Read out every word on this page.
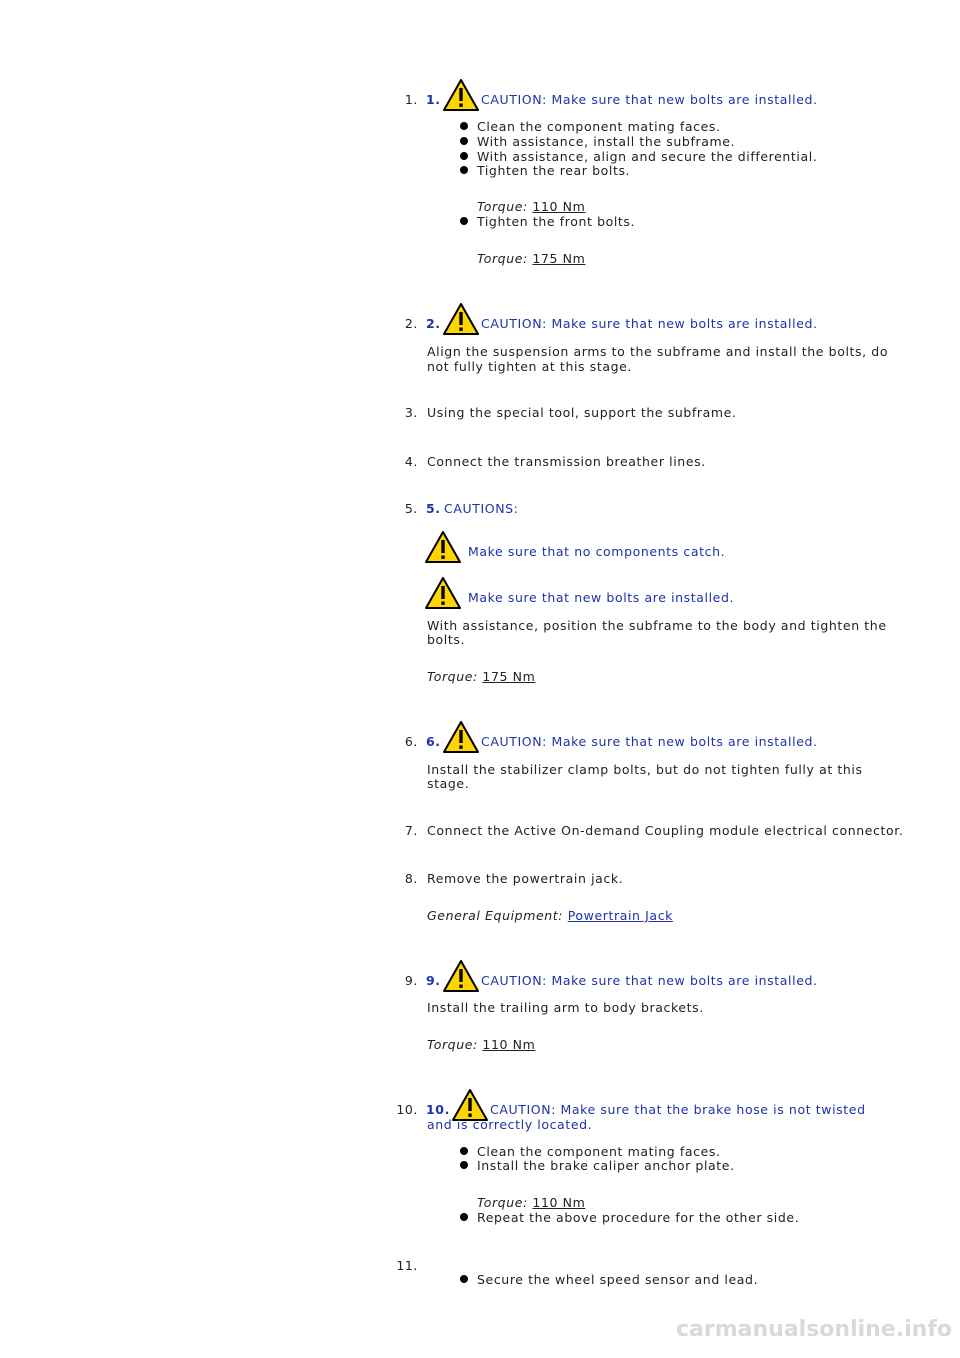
1. 1.	CAUTION: Make sure that new bolts are installed.
Clean the component mating faces.
With assistance, install the subframe.
With assistance, align and secure the differential.
Tighten the rear bolts.
Torque: 110 Nm
Tighten the front bolts.
Torque: 175 Nm
2. 2.	CAUTION: Make sure that new bolts are installed.
Align the suspension arms to the subframe and install the bolts, do
not fully tighten at this stage.
3. Using the special tool, support the subframe.
4. Connect the transmission breather lines.
5. 5. CAUTIONS:
Make sure that no components catch.
Make sure that new bolts are installed.
With assistance, position the subframe to the body and tighten the
bolts.
Torque: 175 Nm
6. 6.	CAUTION: Make sure that new bolts are installed.
Install the stabilizer clamp bolts, but do not tighten fully at this
stage.
7. Connect the Active On-demand Coupling module electrical connector.
8. Remove the powertrain jack.
General Equipment: Powertrain Jack
9. 9.	CAUTION: Make sure that new bolts are installed.
Install the trailing arm to body brackets.
Torque: 110 Nm
10. 10.	CAUTION: Make sure that the brake hose is not twisted
and is correctly located.
Clean the component mating faces.
Install the brake caliper anchor plate.
Torque: 110 Nm
Repeat the above procedure for the other side.
11.
Secure the wheel speed sensor and lead.
carmanualsonline.info
